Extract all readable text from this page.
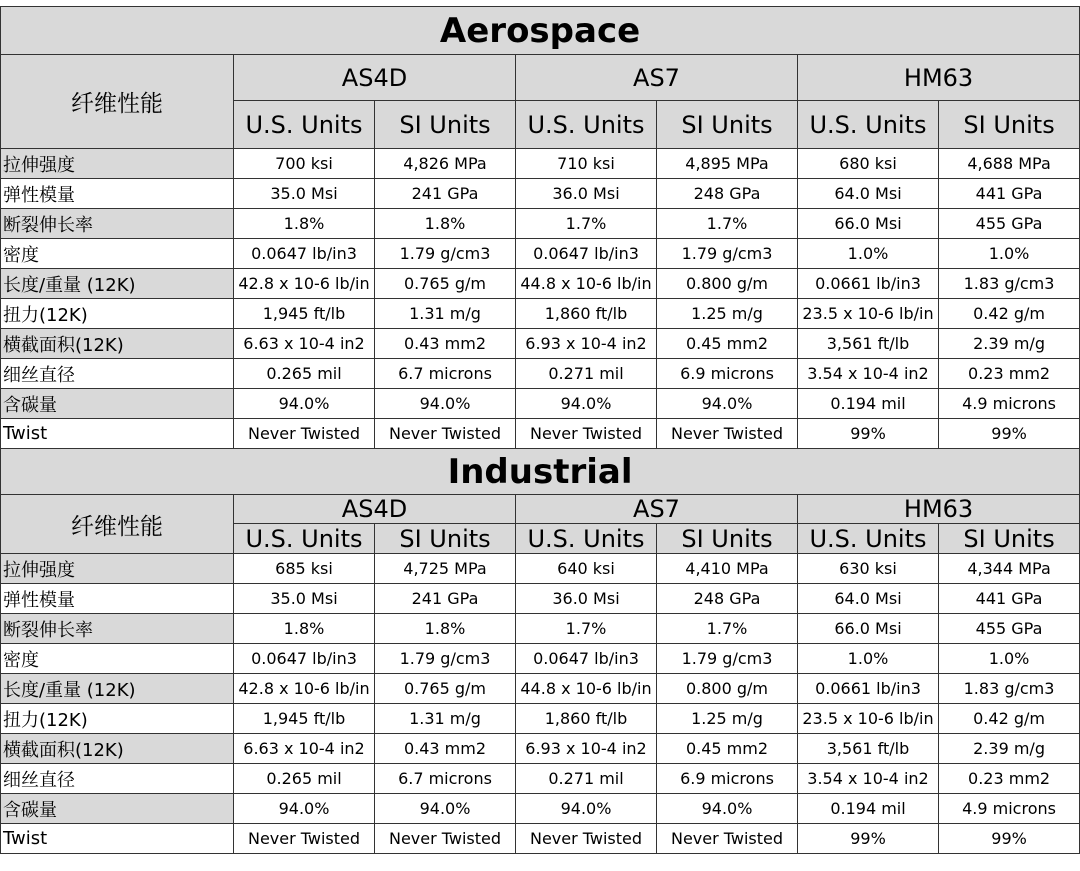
Aerospace						
纤维性能	AS4D		AS7		HM63	
	U.S. Units	SI Units	U.S. Units	SI Units	U.S. Units	SI Units
拉伸强度	700 ksi	4,826 MPa	710 ksi	4,895 MPa	680 ksi	4,688 MPa
弹性模量	35.0 Msi	241 GPa	36.0 Msi	248 GPa	64.0 Msi	441 GPa
断裂伸长率	1.8%	1.8%	1.7%	1.7%	66.0 Msi	455 GPa
密度	0.0647 lb/in3	1.79 g/cm3	0.0647 lb/in3	1.79 g/cm3	1.0%	1.0%
长度/重量 (12K)	42.8 x 10-6 lb/in	0.765 g/m	44.8 x 10-6 lb/in	0.800 g/m	0.0661 lb/in3	1.83 g/cm3
扭力(12K)	1,945 ft/lb	1.31 m/g	1,860 ft/lb	1.25 m/g	23.5 x 10-6 lb/in	0.42 g/m
横截面积(12K)	6.63 x 10-4 in2	0.43 mm2	6.93 x 10-4 in2	0.45 mm2	3,561 ft/lb	2.39 m/g
细丝直径	0.265 mil	6.7 microns	0.271 mil	6.9 microns	3.54 x 10-4 in2	0.23 mm2
含碳量	94.0%	94.0%	94.0%	94.0%	0.194 mil	4.9 microns
Twist	Never Twisted	Never Twisted	Never Twisted	Never Twisted	99%	99%
Industrial						
纤维性能	AS4D		AS7		HM63	
	U.S. Units	SI Units	U.S. Units	SI Units	U.S. Units	SI Units
拉伸强度	685 ksi	4,725 MPa	640 ksi	4,410 MPa	630 ksi	4,344 MPa
弹性模量	35.0 Msi	241 GPa	36.0 Msi	248 GPa	64.0 Msi	441 GPa
断裂伸长率	1.8%	1.8%	1.7%	1.7%	66.0 Msi	455 GPa
密度	0.0647 lb/in3	1.79 g/cm3	0.0647 lb/in3	1.79 g/cm3	1.0%	1.0%
长度/重量 (12K)	42.8 x 10-6 lb/in	0.765 g/m	44.8 x 10-6 lb/in	0.800 g/m	0.0661 lb/in3	1.83 g/cm3
扭力(12K)	1,945 ft/lb	1.31 m/g	1,860 ft/lb	1.25 m/g	23.5 x 10-6 lb/in	0.42 g/m
横截面积(12K)	6.63 x 10-4 in2	0.43 mm2	6.93 x 10-4 in2	0.45 mm2	3,561 ft/lb	2.39 m/g
细丝直径	0.265 mil	6.7 microns	0.271 mil	6.9 microns	3.54 x 10-4 in2	0.23 mm2
含碳量	94.0%	94.0%	94.0%	94.0%	0.194 mil	4.9 microns
Twist	Never Twisted	Never Twisted	Never Twisted	Never Twisted	99%	99%
